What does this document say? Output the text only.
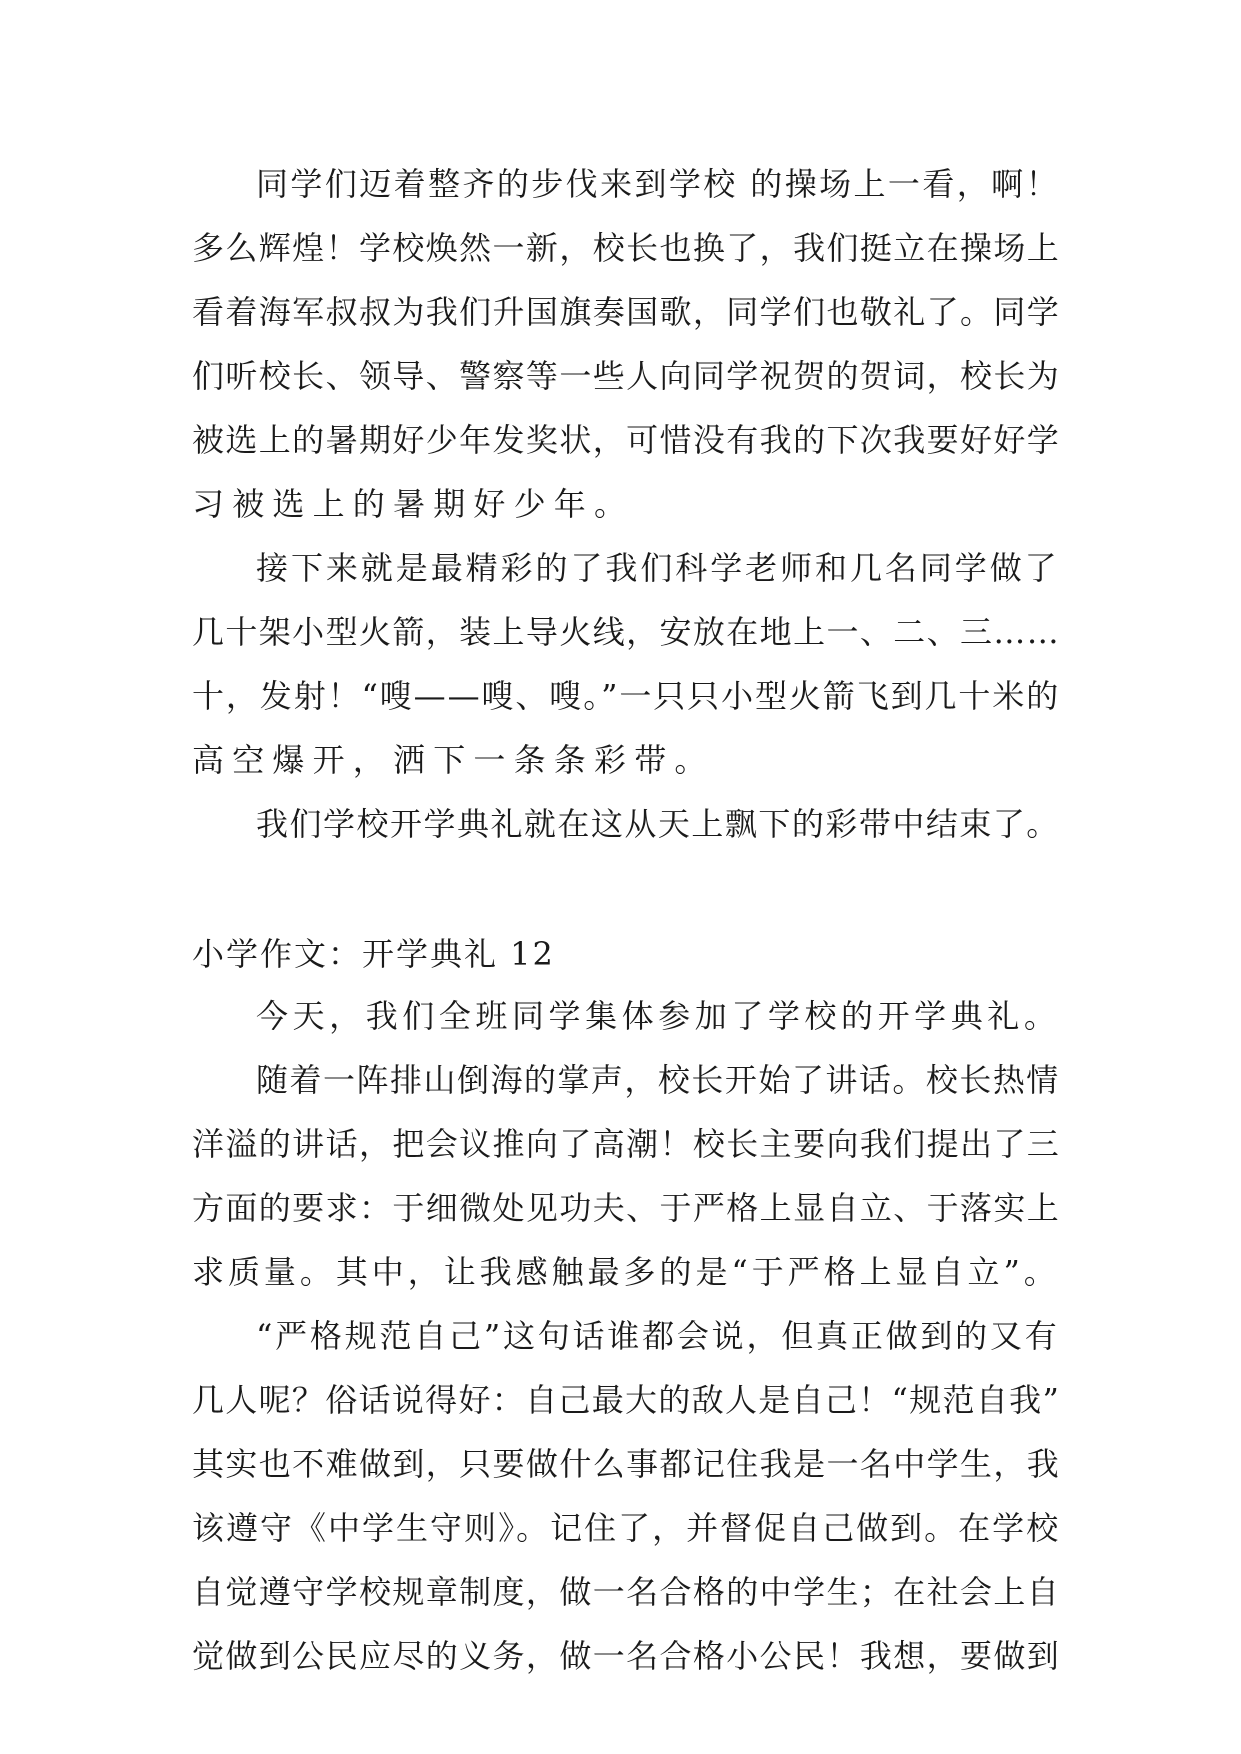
同学们迈着整齐的步伐来到学校 的操场上一看，啊！
多么辉煌！学校焕然一新，校长也换了，我们挺立在操场上
看着海军叔叔为我们升国旗奏国歌，同学们也敬礼了。同学
们听校长、领导、警察等一些人向同学祝贺的贺词，校长为
被选上的暑期好少年发奖状，可惜没有我的下次我要好好学
习被选上的暑期好少年。
接下来就是最精彩的了我们科学老师和几名同学做了
几十架小型火箭，装上导火线，安放在地上一、二、三……
十，发射！“嗖——嗖、嗖。”一只只小型火箭飞到几十米的
高空爆开，洒下一条条彩带。
我们学校开学典礼就在这从天上飘下的彩带中结束了。
小学作文：开学典礼 12
今天，我们全班同学集体参加了学校的开学典礼。
随着一阵排山倒海的掌声，校长开始了讲话。校长热情
洋溢的讲话，把会议推向了高潮！校长主要向我们提出了三
方面的要求：于细微处见功夫、于严格上显自立、于落实上
求质量。其中，让我感触最多的是“于严格上显自立”。
“严格规范自己”这句话谁都会说，但真正做到的又有
几人呢？俗话说得好：自己最大的敌人是自己！“规范自我”
其实也不难做到，只要做什么事都记住我是一名中学生，我
该遵守《中学生守则》。记住了，并督促自己做到。在学校
自觉遵守学校规章制度，做一名合格的中学生；在社会上自
觉做到公民应尽的义务，做一名合格小公民！我想，要做到
